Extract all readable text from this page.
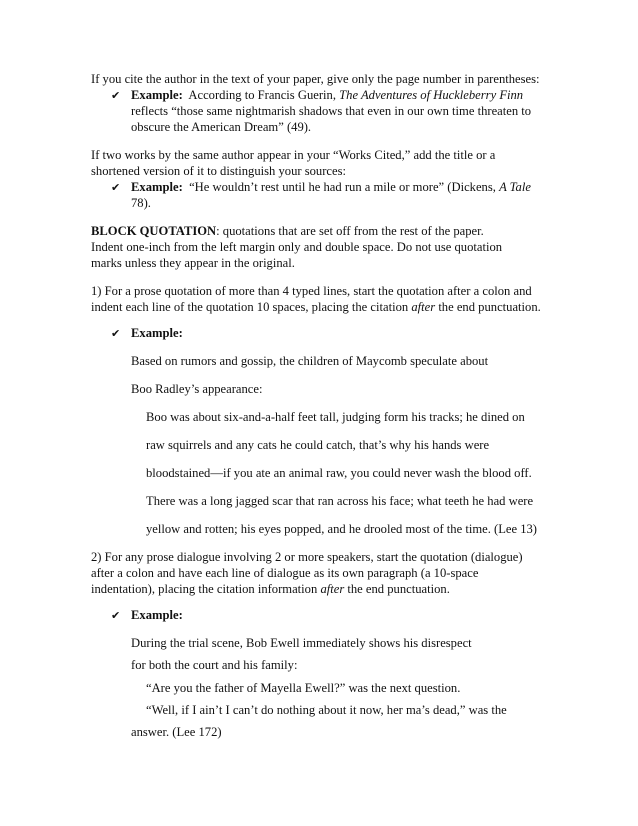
If you cite the author in the text of your paper, give only the page number in parentheses:
✔
Example: According to Francis Guerin, The Adventures of Huckleberry Finn
reflects “those same nightmarish shadows that even in our own time threaten to
obscure the American Dream” (49).
If two works by the same author appear in your “Works Cited,” add the title or a
shortened version of it to distinguish your sources:
✔
Example: “He wouldn’t rest until he had run a mile or more” (Dickens, A Tale
78).
BLOCK QUOTATION: quotations that are set off from the rest of the paper.
Indent one-inch from the left margin only and double space. Do not use quotation
marks unless they appear in the original.
1) For a prose quotation of more than 4 typed lines, start the quotation after a colon and
indent each line of the quotation 10 spaces, placing the citation after the end punctuation.
✔
Example:
Based on rumors and gossip, the children of Maycomb speculate about
Boo Radley’s appearance:
Boo was about six-and-a-half feet tall, judging form his tracks; he dined on
raw squirrels and any cats he could catch, that’s why his hands were
bloodstained—if you ate an animal raw, you could never wash the blood off.
There was a long jagged scar that ran across his face; what teeth he had were
yellow and rotten; his eyes popped, and he drooled most of the time. (Lee 13)
2) For any prose dialogue involving 2 or more speakers, start the quotation (dialogue)
after a colon and have each line of dialogue as its own paragraph (a 10-space
indentation), placing the citation information after the end punctuation.
✔
Example:
During the trial scene, Bob Ewell immediately shows his disrespect
for both the court and his family:
“Are you the father of Mayella Ewell?” was the next question.
“Well, if I ain’t I can’t do nothing about it now, her ma’s dead,” was the
answer. (Lee 172)
